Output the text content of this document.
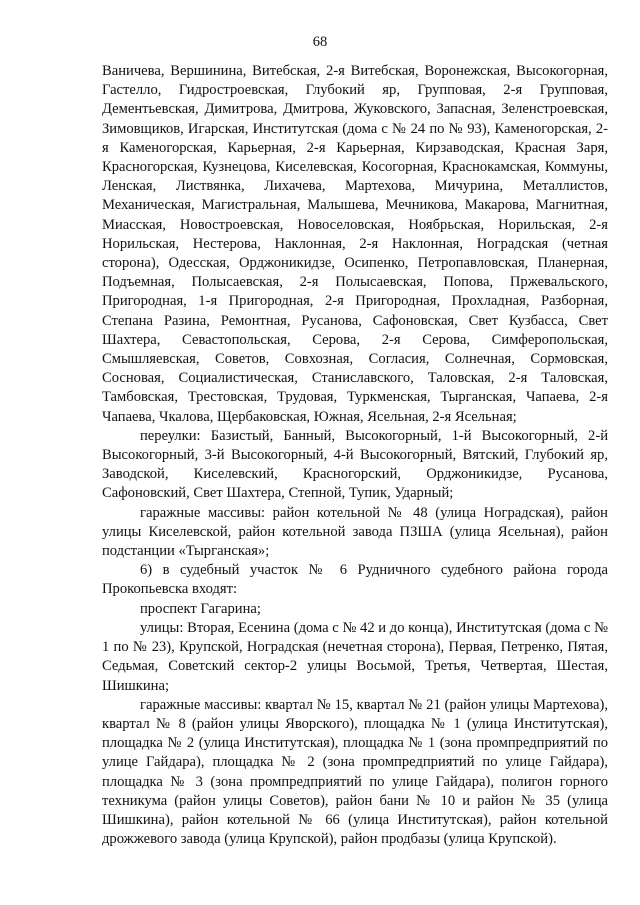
68

Ваничева, Вершинина, Витебская, 2-я Витебская, Воронежская, Высокогорная, Гастелло, Гидростроевская, Глубокий яр, Групповая, 2-я Групповая, Дементьевская, Димитрова, Дмитрова, Жуковского, Запасная, Зеленстроевская, Зимовщиков, Игарская, Институтская (дома с № 24 по № 93), Каменогорская, 2-я Каменогорская, Карьерная, 2-я Карьерная, Кирзаводская, Красная Заря, Красногорская, Кузнецова, Киселевская, Косогорная, Краснокамская, Коммуны, Ленская, Листвянка, Лихачева, Мартехова, Мичурина, Металлистов, Механическая, Магистральная, Малышева, Мечникова, Макарова, Магнитная, Миасская, Новостроевская, Новоселовская, Ноябрьская, Норильская, 2-я Норильская, Нестерова, Наклонная, 2-я Наклонная, Ноградская (четная сторона), Одесская, Орджоникидзе, Осипенко, Петропавловская, Планерная, Подъемная, Полысаевская, 2-я Полысаевская, Попова, Пржевальского, Пригородная, 1-я Пригородная, 2-я Пригородная, Прохладная, Разборная, Степана Разина, Ремонтная, Русанова, Сафоновская, Свет Кузбасса, Свет Шахтера, Севастопольская, Серова, 2-я Серова, Симферопольская, Смышляевская, Советов, Совхозная, Согласия, Солнечная, Сормовская, Сосновая, Социалистическая, Станиславского, Таловская, 2-я Таловская, Тамбовская, Трестовская, Трудовая, Туркменская, Тырганская, Чапаева, 2-я Чапаева, Чкалова, Щербаковская, Южная, Ясельная, 2-я Ясельная;

переулки: Базистый, Банный, Высокогорный, 1-й Высокогорный, 2-й Высокогорный, 3-й Высокогорный, 4-й Высокогорный, Вятский, Глубокий яр, Заводской, Киселевский, Красногорский, Орджоникидзе, Русанова, Сафоновский, Свет Шахтера, Степной, Тупик, Ударный;

гаражные массивы: район котельной № 48 (улица Ноградская), район улицы Киселевской, район котельной завода ПЗША (улица Ясельная), район подстанции «Тырганская»;

6) в судебный участок № 6 Рудничного судебного района города Прокопьевска входят:

проспект Гагарина;

улицы: Вторая, Есенина (дома с № 42 и до конца), Институтская (дома с № 1 по № 23), Крупской, Ноградская (нечетная сторона), Первая, Петренко, Пятая, Седьмая, Советский сектор-2 улицы Восьмой, Третья, Четвертая, Шестая, Шишкина;

гаражные массивы: квартал № 15, квартал № 21 (район улицы Мартехова), квартал № 8 (район улицы Яворского), площадка № 1 (улица Институтская), площадка № 2 (улица Институтская), площадка № 1 (зона промпредприятий по улице Гайдара), площадка № 2 (зона промпредприятий по улице Гайдара), площадка № 3 (зона промпредприятий по улице Гайдара), полигон горного техникума (район улицы Советов), район бани № 10 и район № 35 (улица Шишкина), район котельной № 66 (улица Институтская), район котельной дрожжевого завода (улица Крупской), район продбазы (улица Крупской).
